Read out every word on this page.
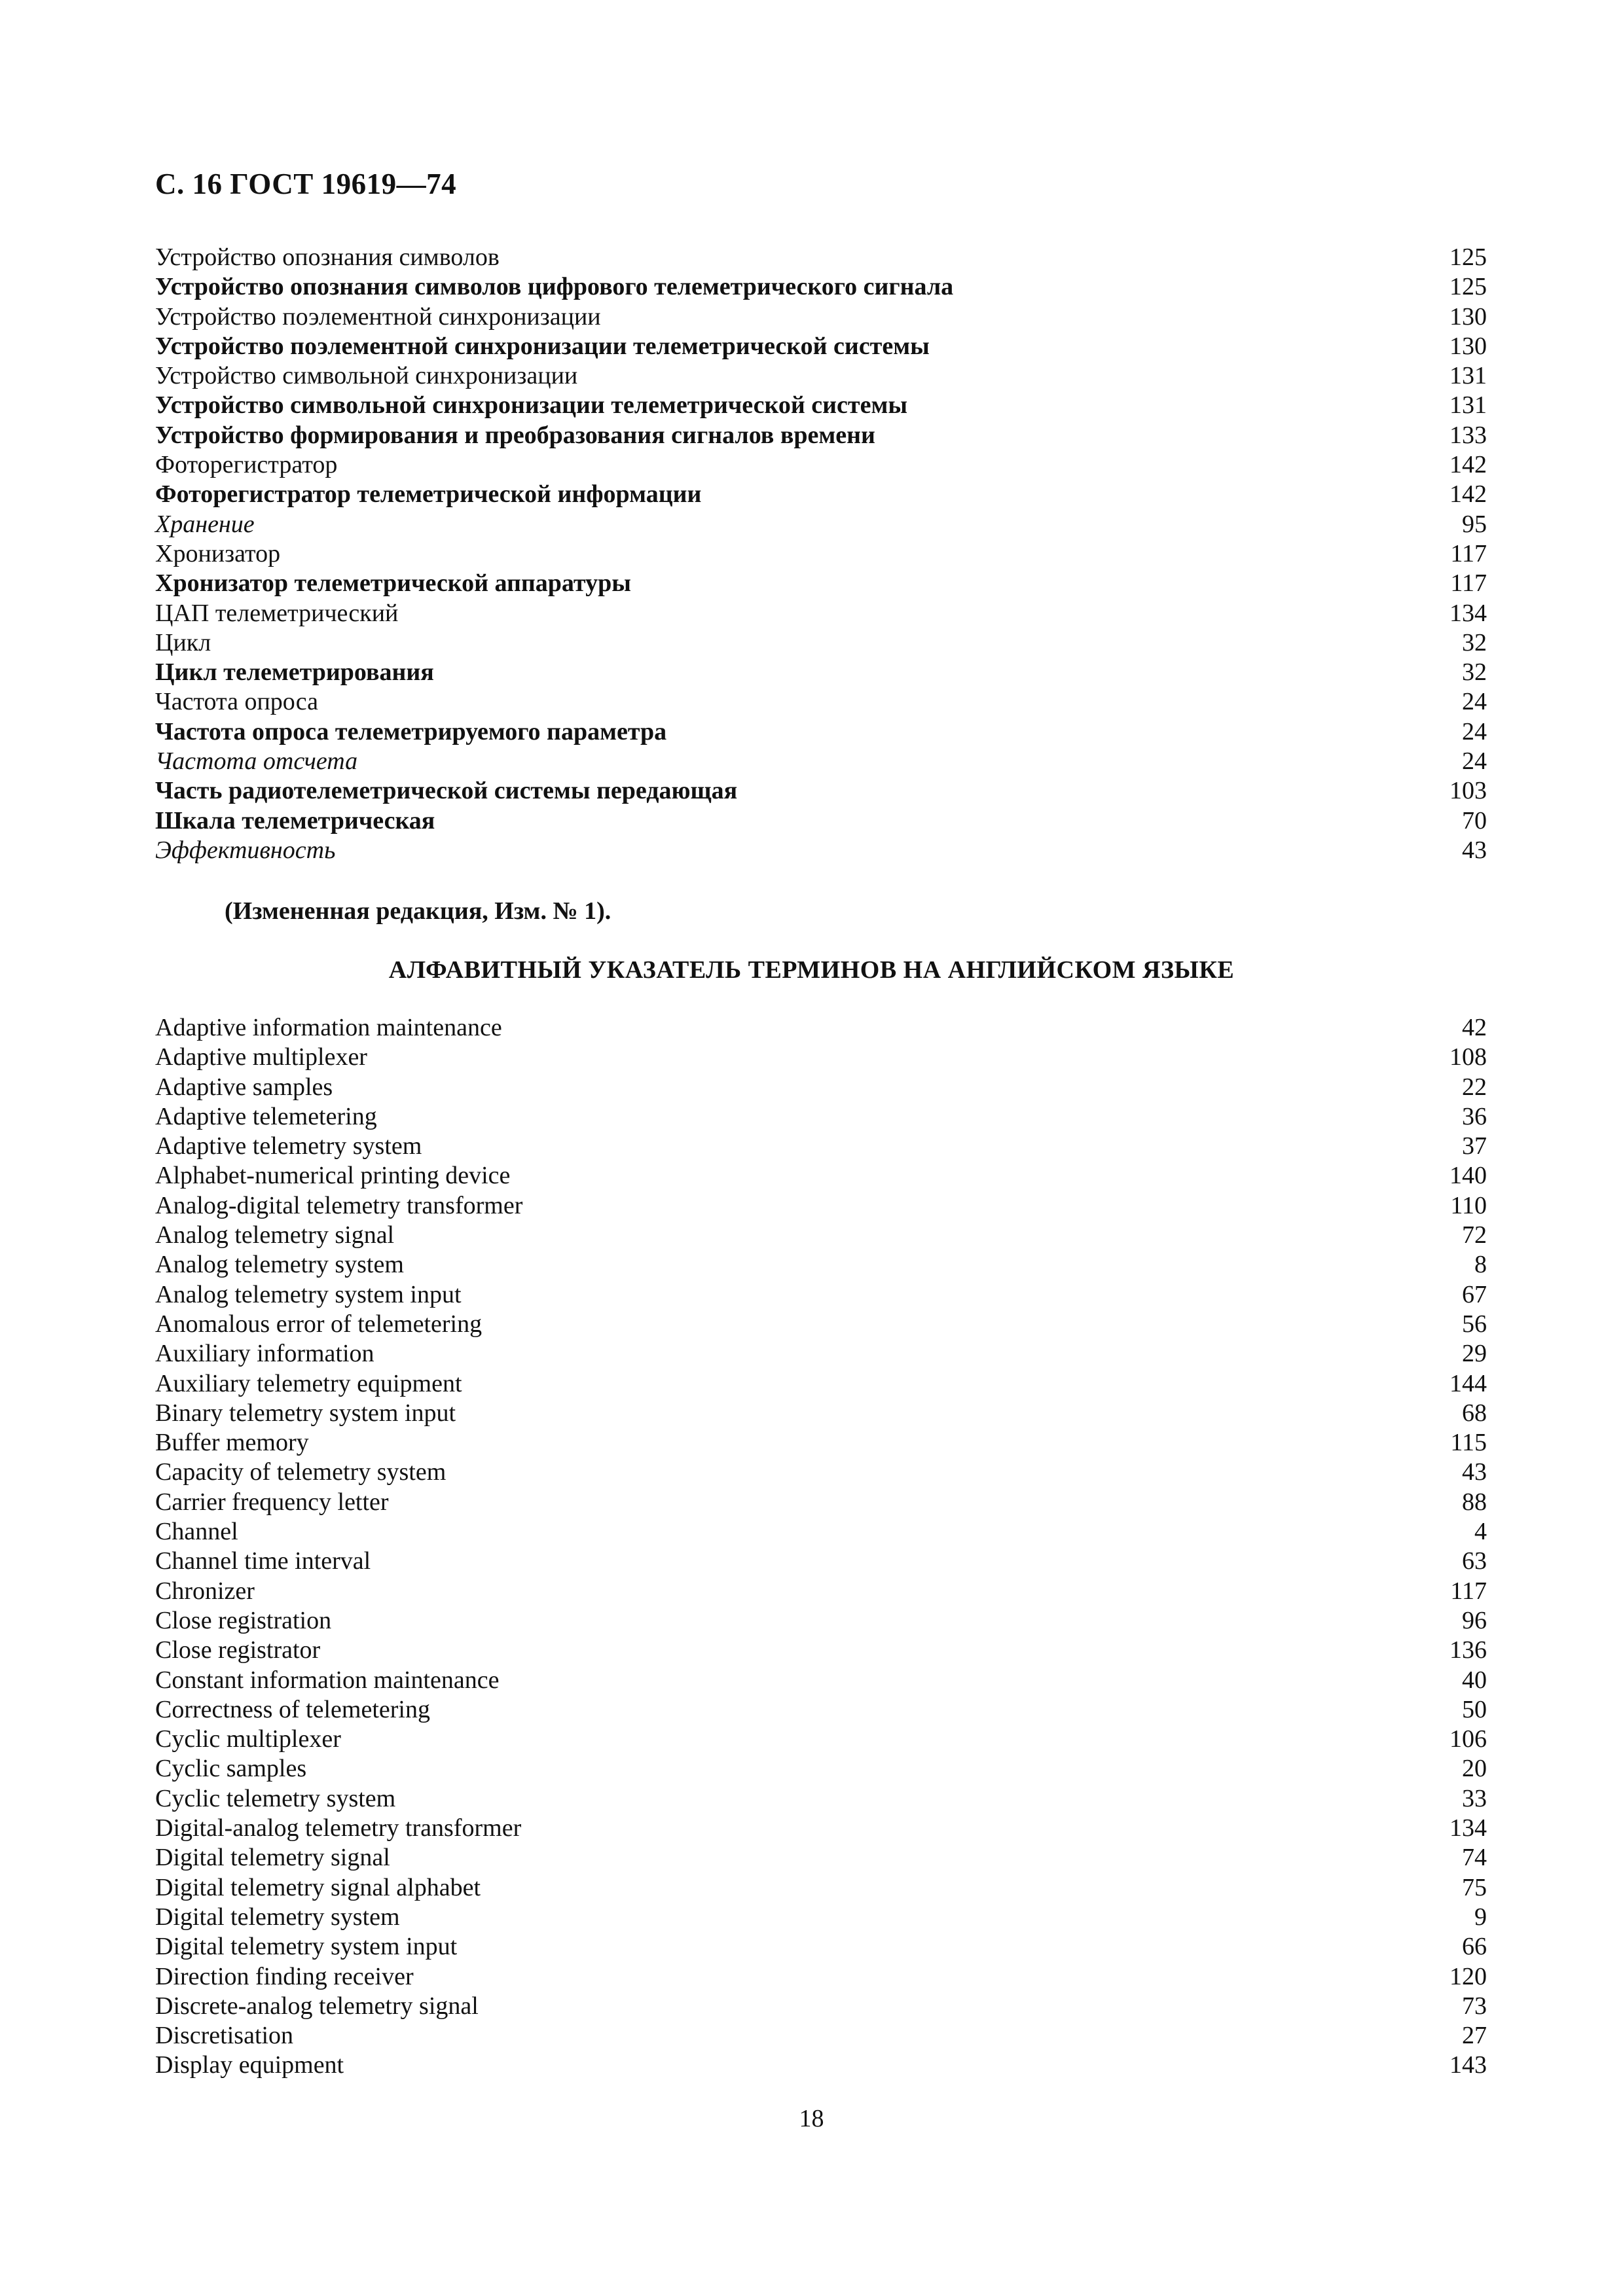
С. 16 ГОСТ 19619—74
Устройство опознания символов	125
Устройство опознания символов цифрового телеметрического сигнала	125
Устройство поэлементной синхронизации	130
Устройство поэлементной синхронизации телеметрической системы	130
Устройство символьной синхронизации	131
Устройство символьной синхронизации телеметрической системы	131
Устройство формирования и преобразования сигналов времени	133
Фоторегистратор	142
Фоторегистратор телеметрической информации	142
Хранение	95
Хронизатор	117
Хронизатор телеметрической аппаратуры	117
ЦАП телеметрический	134
Цикл	32
Цикл телеметрирования	32
Частота опроса	24
Частота опроса телеметрируемого параметра	24
Частота отсчета	24
Часть радиотелеметрической системы передающая	103
Шкала телеметрическая	70
Эффективность	43
(Измененная редакция, Изм. № 1).
АЛФАВИТНЫЙ УКАЗАТЕЛЬ ТЕРМИНОВ НА АНГЛИЙСКОМ ЯЗЫКЕ
Adaptive information maintenance	42
Adaptive multiplexer	108
Adaptive samples	22
Adaptive telemetering	36
Adaptive telemetry system	37
Alphabet-numerical printing device	140
Analog-digital telemetry transformer	110
Analog telemetry signal	72
Analog telemetry system	8
Analog telemetry system input	67
Anomalous error of telemetering	56
Auxiliary information	29
Auxiliary telemetry equipment	144
Binary telemetry system input	68
Buffer memory	115
Capacity of telemetry system	43
Carrier frequency letter	88
Channel	4
Channel time interval	63
Chronizer	117
Close registration	96
Close registrator	136
Constant information maintenance	40
Correctness of telemetering	50
Cyclic multiplexer	106
Cyclic samples	20
Cyclic telemetry system	33
Digital-analog telemetry transformer	134
Digital telemetry signal	74
Digital telemetry signal alphabet	75
Digital telemetry system	9
Digital telemetry system input	66
Direction finding receiver	120
Discrete-analog telemetry signal	73
Discretisation	27
Display equipment	143
18
